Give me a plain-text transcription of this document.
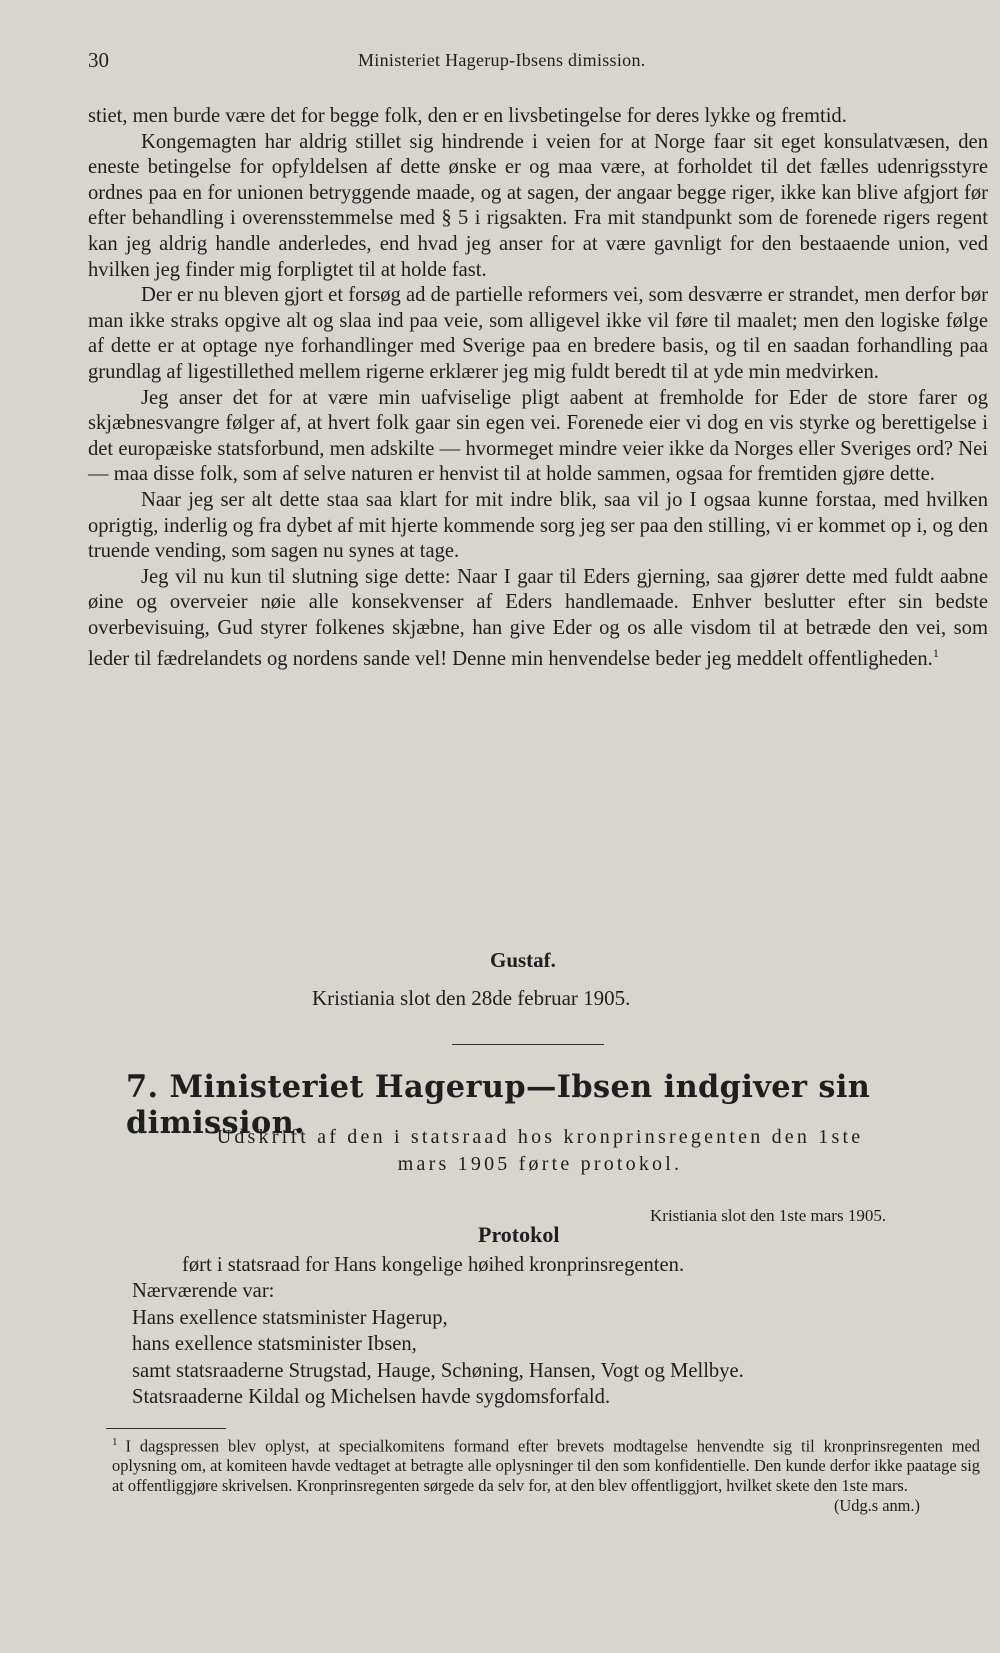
30	Ministeriet Hagerup-Ibsens dimission.

stiet, men burde være det for begge folk, den er en livsbetingelse for deres lykke og fremtid.

Kongemagten har aldrig stillet sig hindrende i veien for at Norge faar sit eget konsulatvæsen, den eneste betingelse for opfyldelsen af dette ønske er og maa være, at forholdet til det fælles udenrigsstyre ordnes paa en for unionen betryggende maade, og at sagen, der angaar begge riger, ikke kan blive afgjort før efter behandling i overensstemmelse med § 5 i rigsakten. Fra mit standpunkt som de forenede rigers regent kan jeg aldrig handle anderledes, end hvad jeg anser for at være gavnligt for den bestaaende union, ved hvilken jeg finder mig forpligtet til at holde fast.

Der er nu bleven gjort et forsøg ad de partielle reformers vei, som desværre er strandet, men derfor bør man ikke straks opgive alt og slaa ind paa veie, som alligevel ikke vil føre til maalet; men den logiske følge af dette er at optage nye forhandlinger med Sverige paa en bredere basis, og til en saadan forhandling paa grundlag af ligestillethed mellem rigerne erklærer jeg mig fuldt beredt til at yde min medvirken.

Jeg anser det for at være min uafviselige pligt aabent at fremholde for Eder de store farer og skjæbnesvangre følger af, at hvert folk gaar sin egen vei. Forenede eier vi dog en vis styrke og berettigelse i det europæiske statsforbund, men adskilte — hvormeget mindre veier ikke da Norges eller Sveriges ord? Nei — maa disse folk, som af selve naturen er henvist til at holde sammen, ogsaa for fremtiden gjøre dette.

Naar jeg ser alt dette staa saa klart for mit indre blik, saa vil jo I ogsaa kunne forstaa, med hvilken oprigtig, inderlig og fra dybet af mit hjerte kommende sorg jeg ser paa den stilling, vi er kommet op i, og den truende vending, som sagen nu synes at tage.

Jeg vil nu kun til slutning sige dette: Naar I gaar til Eders gjerning, saa gjører dette med fuldt aabne øine og overveier nøie alle konsekvenser af Eders handlemaade. Enhver beslutter efter sin bedste overbevisuing, Gud styrer folkenes skjæbne, han give Eder og os alle visdom til at betræde den vei, som leder til fædrelandets og nordens sande vel! Denne min henvendelse beder jeg meddelt offentligheden.$^1$

Gustaf.
Kristiania slot den 28de februar 1905.
7. Ministeriet Hagerup—Ibsen indgiver sin dimission.
Udskrift af den i statsraad hos kronprinsregenten den 1ste
mars 1905 førte protokol.
Kristiania slot den 1ste mars 1905.
Protokol
ført i statsraad for Hans kongelige høihed kronprinsregenten.
Nærværende var:
Hans exellence statsminister Hagerup,
hans exellence statsminister Ibsen,
samt statsraaderne Strugstad, Hauge, Schøning, Hansen, Vogt og Mellbye.
Statsraaderne Kildal og Michelsen havde sygdomsforfald.
$^1$ I dagspressen blev oplyst, at specialkomitens formand efter brevets modtagelse henvendte sig til kronprinsregenten med oplysning om, at komiteen havde vedtaget at betragte alle oplysninger til den som konfidentielle. Den kunde derfor ikke paatage sig at offentliggjøre skrivelsen. Kronprinsregenten sørgede da selv for, at den blev offentliggjort, hvilket skete den 1ste mars.
(Udg.s anm.)
